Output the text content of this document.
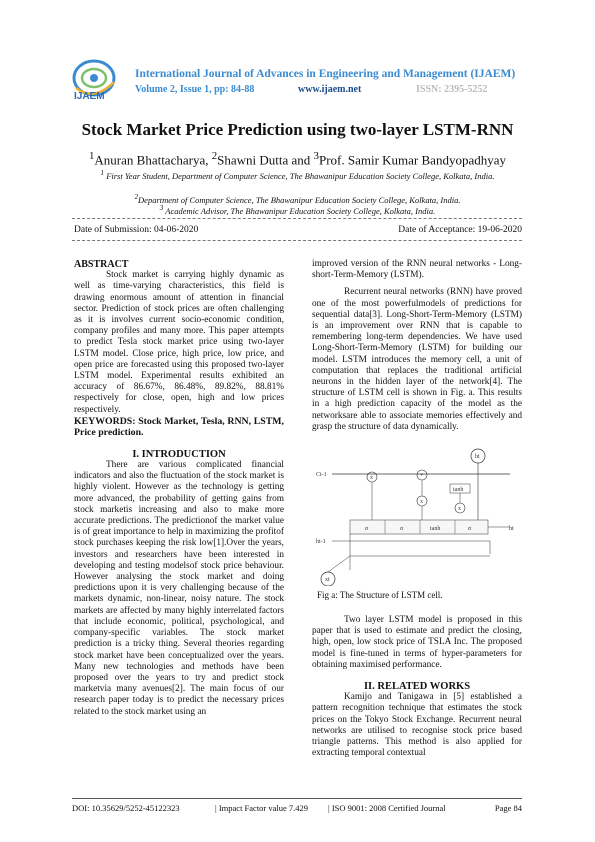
IJAEM
International Journal of Advances in Engineering and Management (IJAEM)
Volume 2, Issue 1, pp: 84-88	www.ijaem.net	ISSN: 2395-5252
Stock Market Price Prediction using two-layer LSTM-RNN
$^1$Anuran Bhattacharya, $^2$Shawni Dutta and $^3$Prof. Samir Kumar Bandyopadhyay
$^1$ First Year Student, Department of Computer Science, The Bhawanipur Education Society College, Kolkata, India.
$^2$Department of Computer Science, The Bhawanipur Education Society College, Kolkata, India.
$^3$ Academic Advisor, The Bhawanipur Education Society College, Kolkata, India.
Date of Submission: 04-06-2020	Date of Acceptance: 19-06-2020
ABSTRACT

Stock market is carrying highly dynamic as well as time-varying characteristics, this field is drawing enormous amount of attention in financial sector. Prediction of stock prices are often challenging as it is involves current socio-economic condition, company profiles and many more. This paper attempts to predict Tesla stock market price using two-layer LSTM model. Close price, high price, low price, and open price are forecasted using this proposed two-layer LSTM model. Experimental results exhibited an accuracy of 86.67%, 86.48%, 89.82%, 88.81% respectively for close, open, high and low prices respectively.

KEYWORDS: Stock Market, Tesla, RNN, LSTM, Price prediction.

I. INTRODUCTION

There are various complicated financial indicators and also the fluctuation of the stock market is highly violent. However as the technology is getting more advanced, the probability of getting gains from stock marketis increasing and also to make more accurate predictions. The predictionof the market value is of great importance to help in maximizing the profitof stock purchases keeping the risk low[1].Over the years, investors and researchers have been interested in developing and testing modelsof stock price behaviour. However analysing the stock market and doing predictions upon it is very challenging because of the markets dynamic, non-linear, noisy nature. The stock markets are affected by many highly interrelated factors that include economic, political, psychological, and company-specific variables. The stock market prediction is a tricky thing. Several theories regarding stock market have been conceptualized over the years. Many new technologies and methods have been proposed over the years to try and predict stock marketvia many avenues[2]. The main focus of our research paper today is to predict the necessary prices related to the stock market using an

improved version of the RNN neural networks - Long-short-Term-Memory (LSTM).

Recurrent neural networks (RNN) have proved one of the most powerfulmodels of predictions for sequential data[3]. Long-Short-Term-Memory (LSTM) is an improvement over RNN that is capable to remembering long-term dependencies. We have used Long-Short-Term-Memory (LSTM) for building our model. LSTM introduces the memory cell, a unit of computation that replaces the traditional artificial neurons in the hidden layer of the network[4]. The structure of LSTM cell is shown in Fig. a. This results in a high prediction capacity of the model as the networksare able to associate memories effectively and grasp the structure of data dynamically.

ht
Ct-1	x	+
tanh
x
x
σ	σ	tanh	σ	ht
ht-1
xt
Fig a: The Structure of LSTM cell.

Two layer LSTM model is proposed in this paper that is used to estimate and predict the closing, high, open, low stock price of TSLA Inc. The proposed model is fine-tuned in terms of hyper-parameters for obtaining maximised performance.

II. RELATED WORKS

Kamijo and Tanigawa in [5] established a pattern recognition technique that estimates the stock prices on the Tokyo Stock Exchange. Recurrent neural networks are utilised to recognise stock price based triangle patterns. This method is also applied for extracting temporal contextual

DOI: 10.35629/5252-45122323	| Impact Factor value 7.429 | ISO 9001: 2008 Certified Journal	Page 84
